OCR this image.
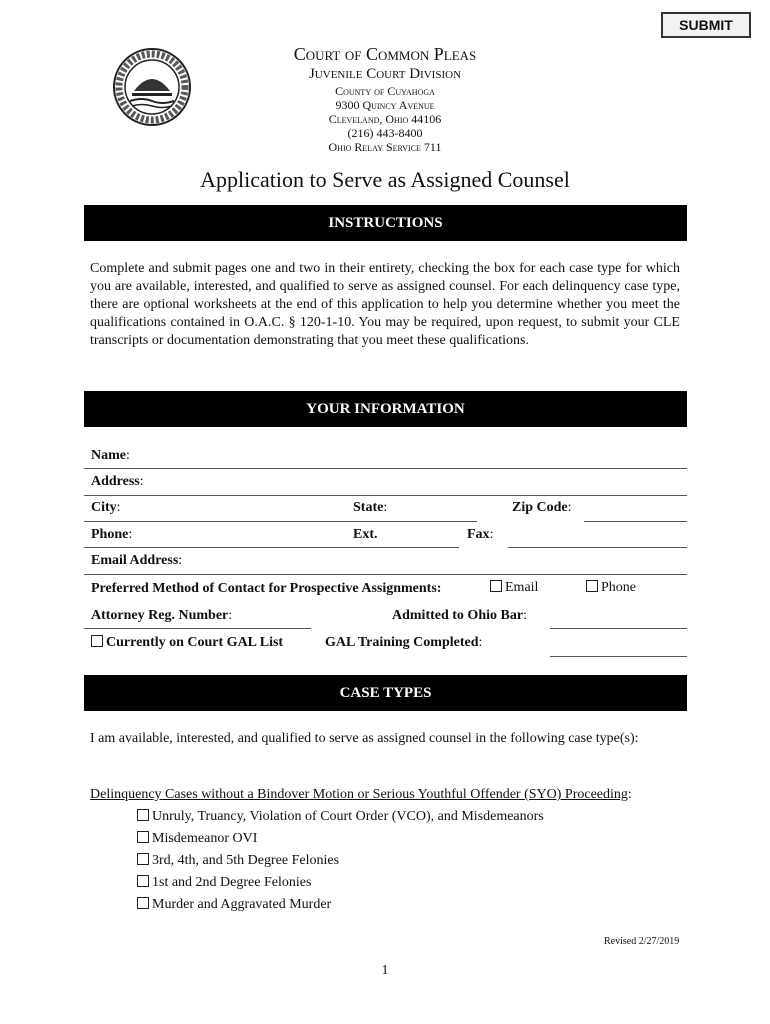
SUBMIT
Court of Common Pleas
Juvenile Court Division
County of Cuyahoga
9300 Quincy Avenue
Cleveland, Ohio 44106
(216) 443-8400
Ohio Relay Service 711
Application to Serve as Assigned Counsel
INSTRUCTIONS
Complete and submit pages one and two in their entirety, checking the box for each case type for which you are available, interested, and qualified to serve as assigned counsel. For each delinquency case type, there are optional worksheets at the end of this application to help you determine whether you meet the qualifications contained in O.A.C. § 120-1-10. You may be required, upon request, to submit your CLE transcripts or documentation demonstrating that you meet these qualifications.
YOUR INFORMATION
Name:
Address:
City:	State:	Zip Code:
Phone:	Ext.	Fax:
Email Address:
Preferred Method of Contact for Prospective Assignments:	Email	Phone
Attorney Reg. Number:	Admitted to Ohio Bar:
Currently on Court GAL List	GAL Training Completed:
CASE TYPES
I am available, interested, and qualified to serve as assigned counsel in the following case type(s):
Delinquency Cases without a Bindover Motion or Serious Youthful Offender (SYO) Proceeding:
Unruly, Truancy, Violation of Court Order (VCO), and Misdemeanors
Misdemeanor OVI
3rd, 4th, and 5th Degree Felonies
1st and 2nd Degree Felonies
Murder and Aggravated Murder
Revised 2/27/2019
1
